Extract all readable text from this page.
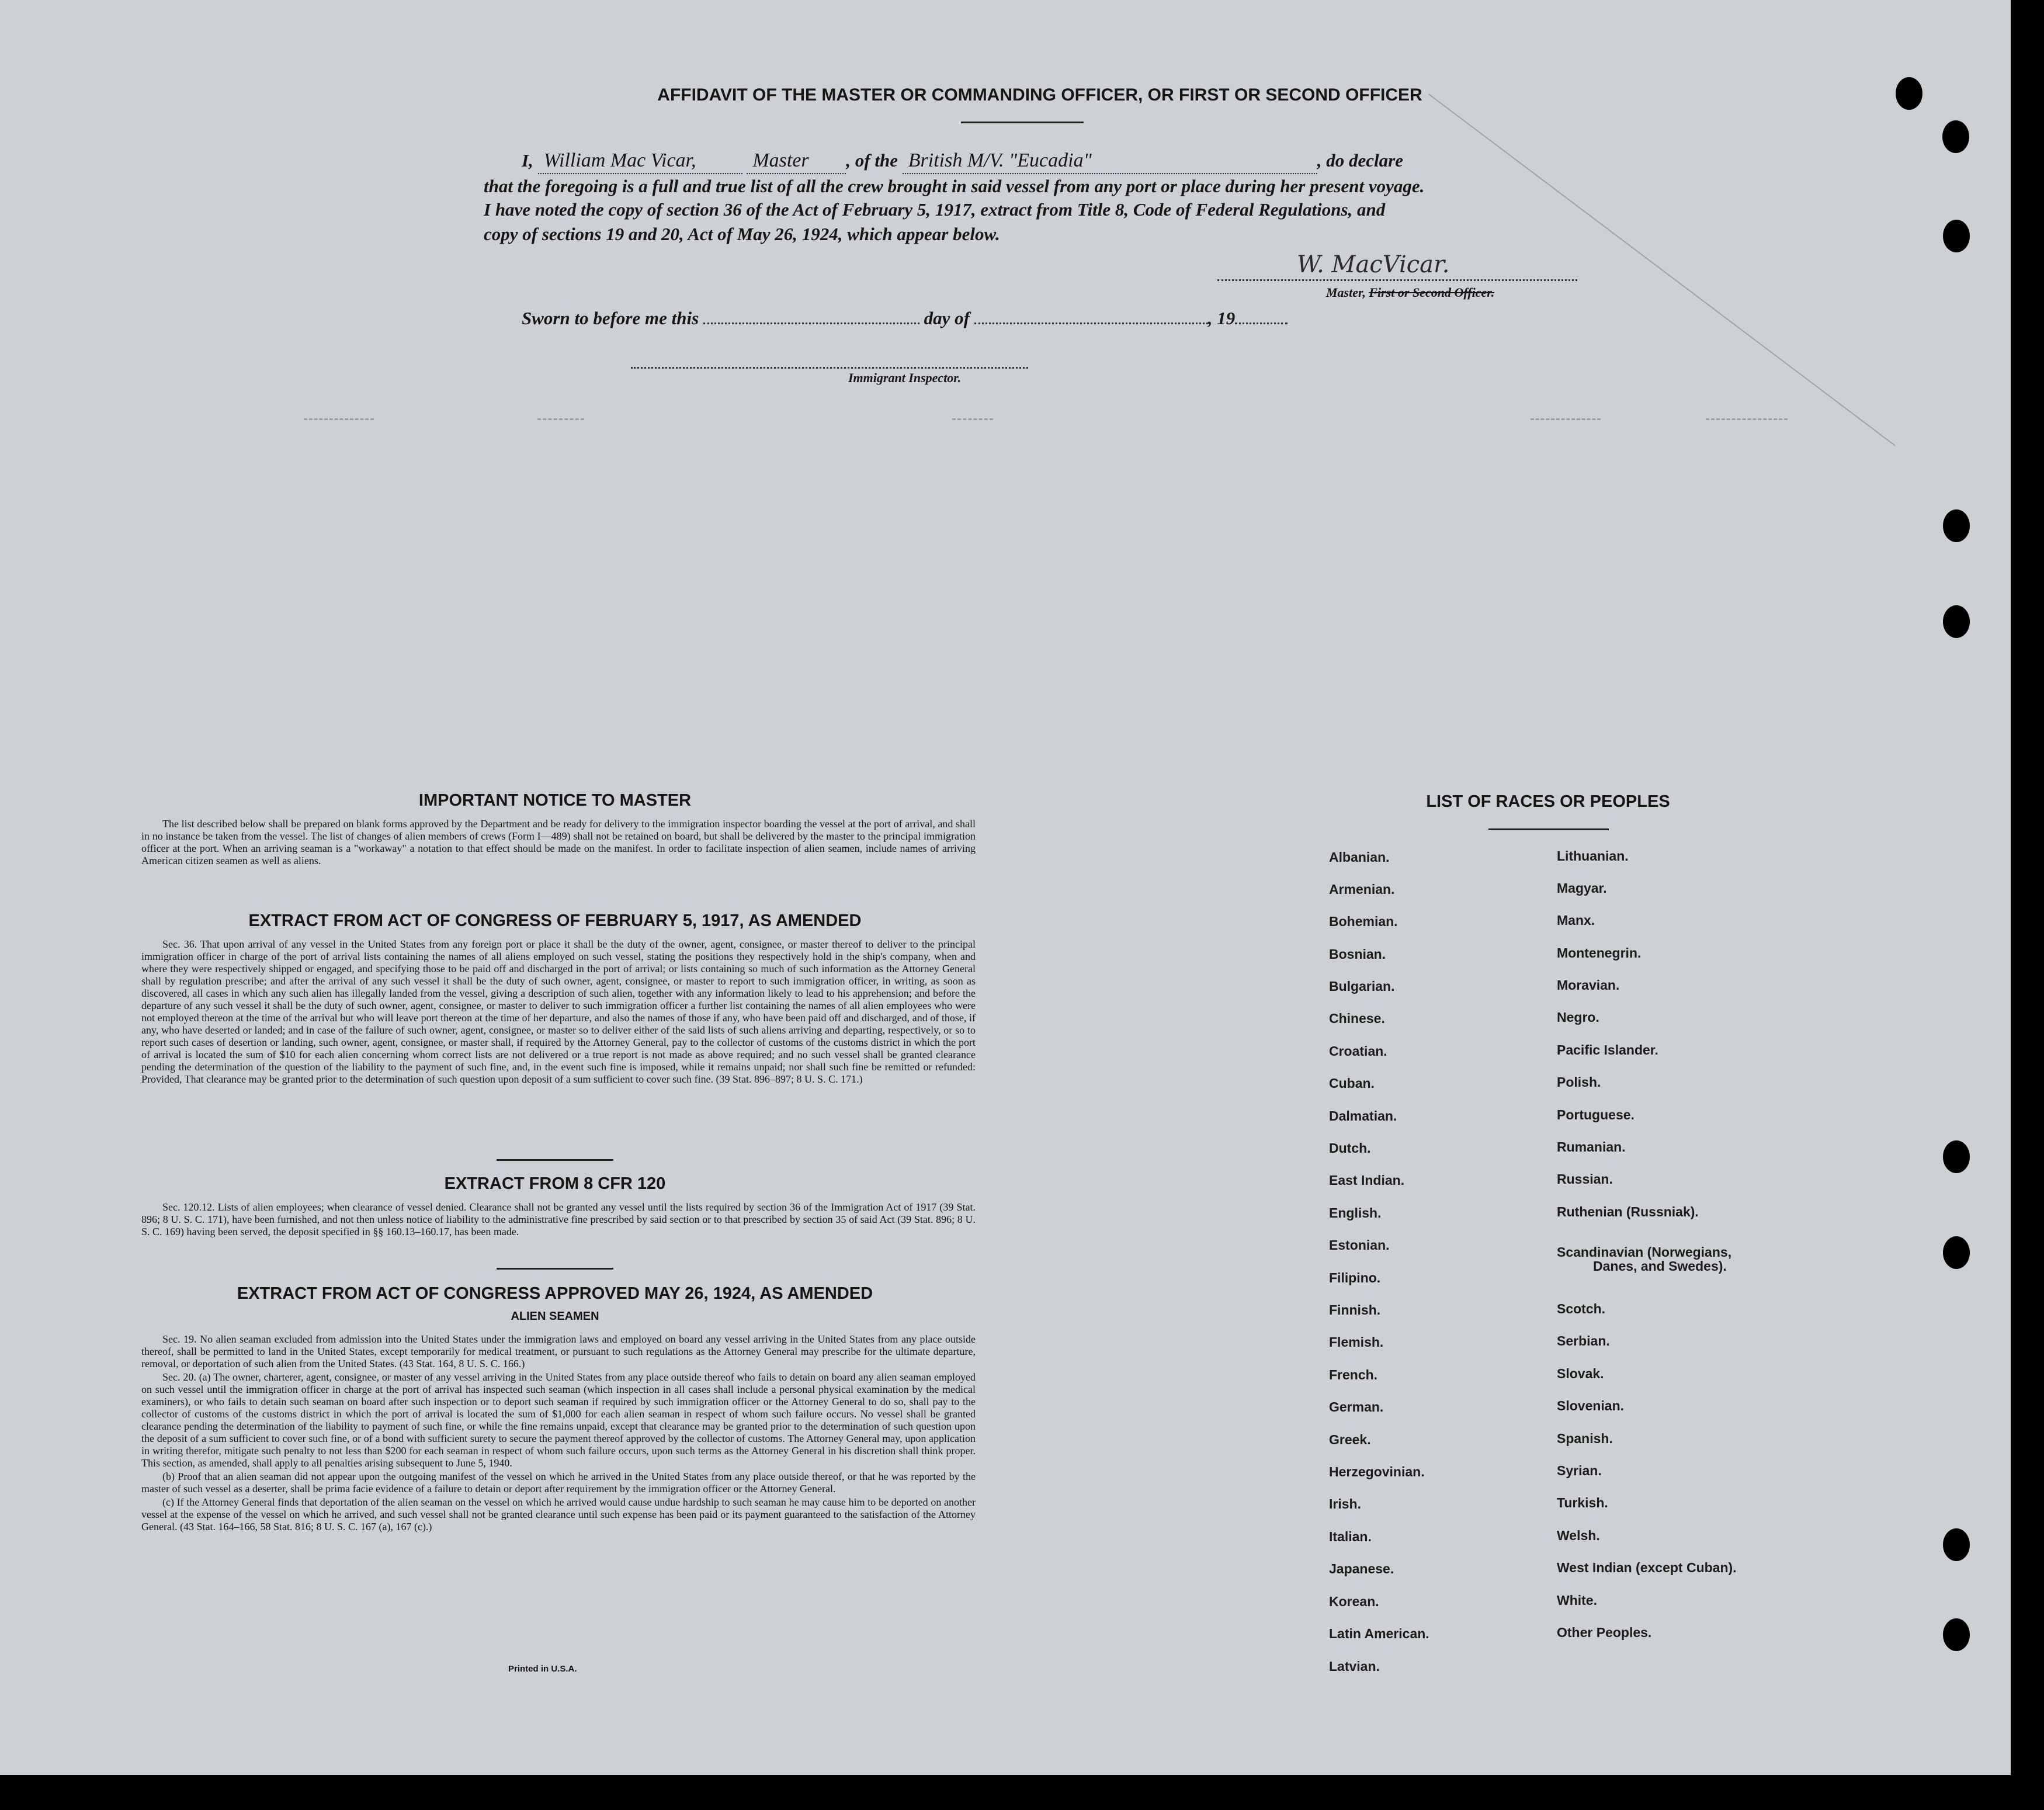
AFFIDAVIT OF THE MASTER OR COMMANDING OFFICER, OR FIRST OR SECOND OFFICER
I, William Mac Vicar,	Master , of the British M/V. "Eucadia"	, do declare
that the foregoing is a full and true list of all the crew brought in said vessel from any port or place during her present voyage.
I have noted the copy of section 36 of the Act of February 5, 1917, extract from Title 8, Code of Federal Regulations, and
copy of sections 19 and 20, Act of May 26, 1924, which appear below.
W. MacVicar.
Master, First or Second Officer.
Sworn to before me this	day of	, 19
Immigrant Inspector.
IMPORTANT NOTICE TO MASTER

The list described below shall be prepared on blank forms approved by the Department and be ready for delivery to the immigration inspector boarding the vessel at the port of arrival, and shall in no instance be taken from the vessel. The list of changes of alien members of crews (Form I—489) shall not be retained on board, but shall be delivered by the master to the principal immigration officer at the port. When an arriving seaman is a "workaway" a notation to that effect should be made on the manifest. In order to facilitate inspection of alien seamen, include names of arriving American citizen seamen as well as aliens.

EXTRACT FROM ACT OF CONGRESS OF FEBRUARY 5, 1917, AS AMENDED

Sec. 36. That upon arrival of any vessel in the United States from any foreign port or place it shall be the duty of the owner, agent, consignee, or master thereof to deliver to the principal immigration officer in charge of the port of arrival lists containing the names of all aliens employed on such vessel, stating the positions they respectively hold in the ship's company, when and where they were respectively shipped or engaged, and specifying those to be paid off and discharged in the port of arrival; or lists containing so much of such information as the Attorney General shall by regulation prescribe; and after the arrival of any such vessel it shall be the duty of such owner, agent, consignee, or master to report to such immigration officer, in writing, as soon as discovered, all cases in which any such alien has illegally landed from the vessel, giving a description of such alien, together with any information likely to lead to his apprehension; and before the departure of any such vessel it shall be the duty of such owner, agent, consignee, or master to deliver to such immigration officer a further list containing the names of all alien employees who were not employed thereon at the time of the arrival but who will leave port thereon at the time of her departure, and also the names of those if any, who have been paid off and discharged, and of those, if any, who have deserted or landed; and in case of the failure of such owner, agent, consignee, or master so to deliver either of the said lists of such aliens arriving and departing, respectively, or so to report such cases of desertion or landing, such owner, agent, consignee, or master shall, if required by the Attorney General, pay to the collector of customs of the customs district in which the port of arrival is located the sum of $10 for each alien concerning whom correct lists are not delivered or a true report is not made as above required; and no such vessel shall be granted clearance pending the determination of the question of the liability to the payment of such fine, and, in the event such fine is imposed, while it remains unpaid; nor shall such fine be remitted or refunded: Provided, That clearance may be granted prior to the determination of such question upon deposit of a sum sufficient to cover such fine. (39 Stat. 896–897; 8 U. S. C. 171.)

EXTRACT FROM 8 CFR 120

Sec. 120.12. Lists of alien employees; when clearance of vessel denied. Clearance shall not be granted any vessel until the lists required by section 36 of the Immigration Act of 1917 (39 Stat. 896; 8 U. S. C. 171), have been furnished, and not then unless notice of liability to the administrative fine prescribed by said section or to that prescribed by section 35 of said Act (39 Stat. 896; 8 U. S. C. 169) having been served, the deposit specified in §§ 160.13–160.17, has been made.

EXTRACT FROM ACT OF CONGRESS APPROVED MAY 26, 1924, AS AMENDED
ALIEN SEAMEN

Sec. 19. No alien seaman excluded from admission into the United States under the immigration laws and employed on board any vessel arriving in the United States from any place outside thereof, shall be permitted to land in the United States, except temporarily for medical treatment, or pursuant to such regulations as the Attorney General may prescribe for the ultimate departure, removal, or deportation of such alien from the United States. (43 Stat. 164, 8 U. S. C. 166.)

Sec. 20. (a) The owner, charterer, agent, consignee, or master of any vessel arriving in the United States from any place outside thereof who fails to detain on board any alien seaman employed on such vessel until the immigration officer in charge at the port of arrival has inspected such seaman (which inspection in all cases shall include a personal physical examination by the medical examiners), or who fails to detain such seaman on board after such inspection or to deport such seaman if required by such immigration officer or the Attorney General to do so, shall pay to the collector of customs of the customs district in which the port of arrival is located the sum of $1,000 for each alien seaman in respect of whom such failure occurs. No vessel shall be granted clearance pending the determination of the liability to payment of such fine, or while the fine remains unpaid, except that clearance may be granted prior to the determination of such question upon the deposit of a sum sufficient to cover such fine, or of a bond with sufficient surety to secure the payment thereof approved by the collector of customs. The Attorney General may, upon application in writing therefor, mitigate such penalty to not less than $200 for each seaman in respect of whom such failure occurs, upon such terms as the Attorney General in his discretion shall think proper. This section, as amended, shall apply to all penalties arising subsequent to June 5, 1940.

(b) Proof that an alien seaman did not appear upon the outgoing manifest of the vessel on which he arrived in the United States from any place outside thereof, or that he was reported by the master of such vessel as a deserter, shall be prima facie evidence of a failure to detain or deport after requirement by the immigration officer or the Attorney General.

(c) If the Attorney General finds that deportation of the alien seaman on the vessel on which he arrived would cause undue hardship to such seaman he may cause him to be deported on another vessel at the expense of the vessel on which he arrived, and such vessel shall not be granted clearance until such expense has been paid or its payment guaranteed to the satisfaction of the Attorney General. (43 Stat. 164–166, 58 Stat. 816; 8 U. S. C. 167 (a), 167 (c).)

Printed in U.S.A.
LIST OF RACES OR PEOPLES
Albanian.
Armenian.
Bohemian.
Bosnian.
Bulgarian.
Chinese.
Croatian.
Cuban.
Dalmatian.
Dutch.
East Indian.
English.
Estonian.
Filipino.
Finnish.
Flemish.
French.
German.
Greek.
Herzegovinian.
Irish.
Italian.
Japanese.
Korean.
Latin American.
Latvian.
Lithuanian.
Magyar.
Manx.
Montenegrin.
Moravian.
Negro.
Pacific Islander.
Polish.
Portuguese.
Rumanian.
Russian.
Ruthenian (Russniak).
Scandinavian (Norwegians,
Danes, and Swedes).
Scotch.
Serbian.
Slovak.
Slovenian.
Spanish.
Syrian.
Turkish.
Welsh.
West Indian (except Cuban).
White.
Other Peoples.
